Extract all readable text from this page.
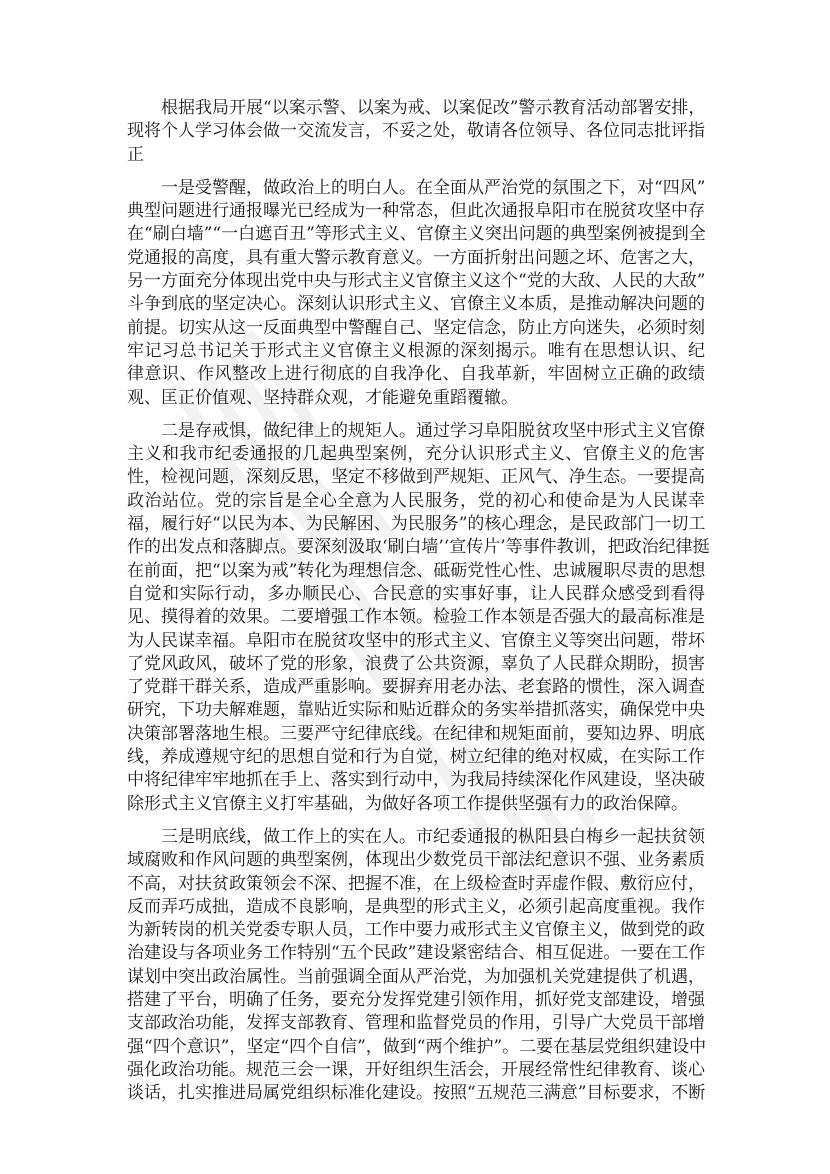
　　根据我局开展“以案示警、以案为戒、以案促改”警示教育活动部署安排，
现将个人学习体会做一交流发言，不妥之处，敬请各位领导、各位同志批评指
正
　　一是受警醒，做政治上的明白人。在全面从严治党的氛围之下，对“四风”
典型问题进行通报曝光已经成为一种常态，但此次通报阜阳市在脱贫攻坚中存
在“刷白墙”“一白遮百丑”等形式主义、官僚主义突出问题的典型案例被提到全
党通报的高度，具有重大警示教育意义。一方面折射出问题之坏、危害之大，
另一方面充分体现出党中央与形式主义官僚主义这个“党的大敌、人民的大敌”
斗争到底的坚定决心。深刻认识形式主义、官僚主义本质，是推动解决问题的
前提。切实从这一反面典型中警醒自己、坚定信念，防止方向迷失，必须时刻
牢记习总书记关于形式主义官僚主义根源的深刻揭示。唯有在思想认识、纪
律意识、作风整改上进行彻底的自我净化、自我革新，牢固树立正确的政绩
观、匡正价值观、坚持群众观，才能避免重蹈覆辙。
　　二是存戒惧，做纪律上的规矩人。通过学习阜阳脱贫攻坚中形式主义官僚
主义和我市纪委通报的几起典型案例，充分认识形式主义、官僚主义的危害
性，检视问题，深刻反思，坚定不移做到严规矩、正风气、净生态。一要提高
政治站位。党的宗旨是全心全意为人民服务，党的初心和使命是为人民谋幸
福，履行好“以民为本、为民解困、为民服务”的核心理念，是民政部门一切工
作的出发点和落脚点。要深刻汲取‘刷白墙’‘宣传片’等事件教训，把政治纪律挺
在前面，把“以案为戒”转化为理想信念、砥砺党性心性、忠诚履职尽责的思想
自觉和实际行动，多办顺民心、合民意的实事好事，让人民群众感受到看得
见、摸得着的效果。二要增强工作本领。检验工作本领是否强大的最高标准是
为人民谋幸福。阜阳市在脱贫攻坚中的形式主义、官僚主义等突出问题，带坏
了党风政风，破坏了党的形象，浪费了公共资源，辜负了人民群众期盼，损害
了党群干群关系，造成严重影响。要摒弃用老办法、老套路的惯性，深入调查
研究，下功夫解难题，靠贴近实际和贴近群众的务实举措抓落实，确保党中央
决策部署落地生根。三要严守纪律底线。在纪律和规矩面前，要知边界、明底
线，养成遵规守纪的思想自觉和行为自觉，树立纪律的绝对权威，在实际工作
中将纪律牢牢地抓在手上、落实到行动中，为我局持续深化作风建设，坚决破
除形式主义官僚主义打牢基础，为做好各项工作提供坚强有力的政治保障。
　　三是明底线，做工作上的实在人。市纪委通报的枞阳县白梅乡一起扶贫领
域腐败和作风问题的典型案例，体现出少数党员干部法纪意识不强、业务素质
不高，对扶贫政策领会不深、把握不准，在上级检查时弄虚作假、敷衍应付，
反而弄巧成拙，造成不良影响，是典型的形式主义，必须引起高度重视。我作
为新转岗的机关党委专职人员，工作中要力戒形式主义官僚主义，做到党的政
治建设与各项业务工作特别“五个民政”建设紧密结合、相互促进。一要在工作
谋划中突出政治属性。当前强调全面从严治党，为加强机关党建提供了机遇，
搭建了平台，明确了任务，要充分发挥党建引领作用，抓好党支部建设，增强
支部政治功能，发挥支部教育、管理和监督党员的作用，引导广大党员干部增
强“四个意识”，坚定“四个自信”，做到“两个维护”。二要在基层党组织建设中
强化政治功能。规范三会一课，开好组织生活会，开展经常性纪律教育、谈心
谈话，扎实推进局属党组织标准化建设。按照“五规范三满意”目标要求，不断
